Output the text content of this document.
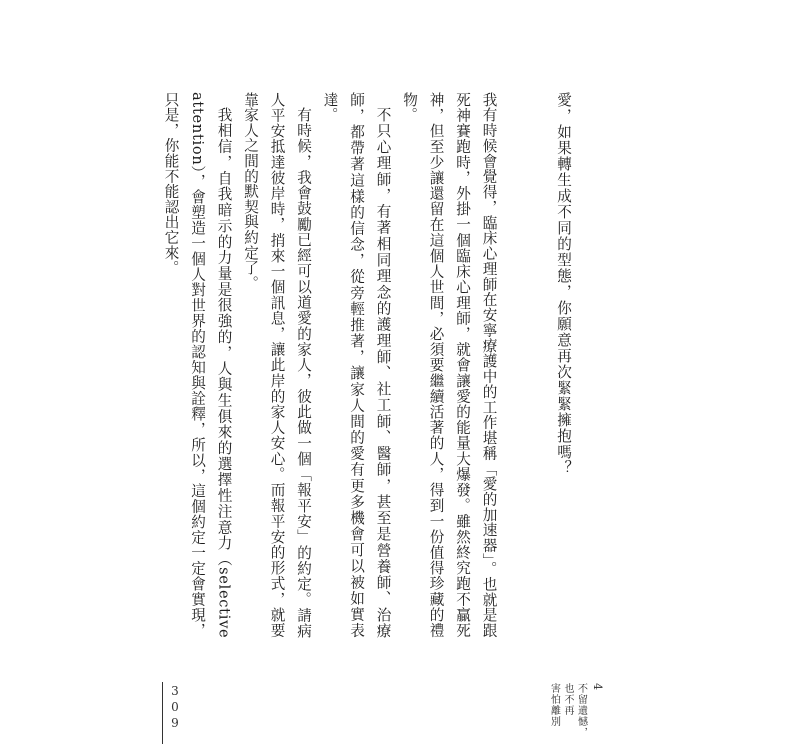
愛，如果轉生成不同的型態，你願意再次緊緊擁抱嗎？

我有時候會覺得，臨床心理師在安寧療護中的工作堪稱「愛的加速器」。也就是跟死神賽跑時，外掛一個臨床心理師，就會讓愛的能量大爆發。雖然終究跑不贏死神，但至少讓還留在這個人世間，必須要繼續活著的人，得到一份值得珍藏的禮物。

不只心理師，有著相同理念的護理師、社工師、醫師，甚至是營養師、治療師，都帶著這樣的信念，從旁輕推著，讓家人間的愛有更多機會可以被如實表達。

有時候，我會鼓勵已經可以道愛的家人，彼此做一個「報平安」的約定。請病人平安抵達彼岸時，捎來一個訊息，讓此岸的家人安心。而報平安的形式，就要靠家人之間的默契與約定了。

我相信，自我暗示的力量是很強的，人與生俱來的選擇性注意力（selective attention），會塑造一個人對世界的認知與詮釋，所以，這個約定一定會實現，只是，你能不能認出它來。

4
不留遺憾，
也不再
害怕離別
309
